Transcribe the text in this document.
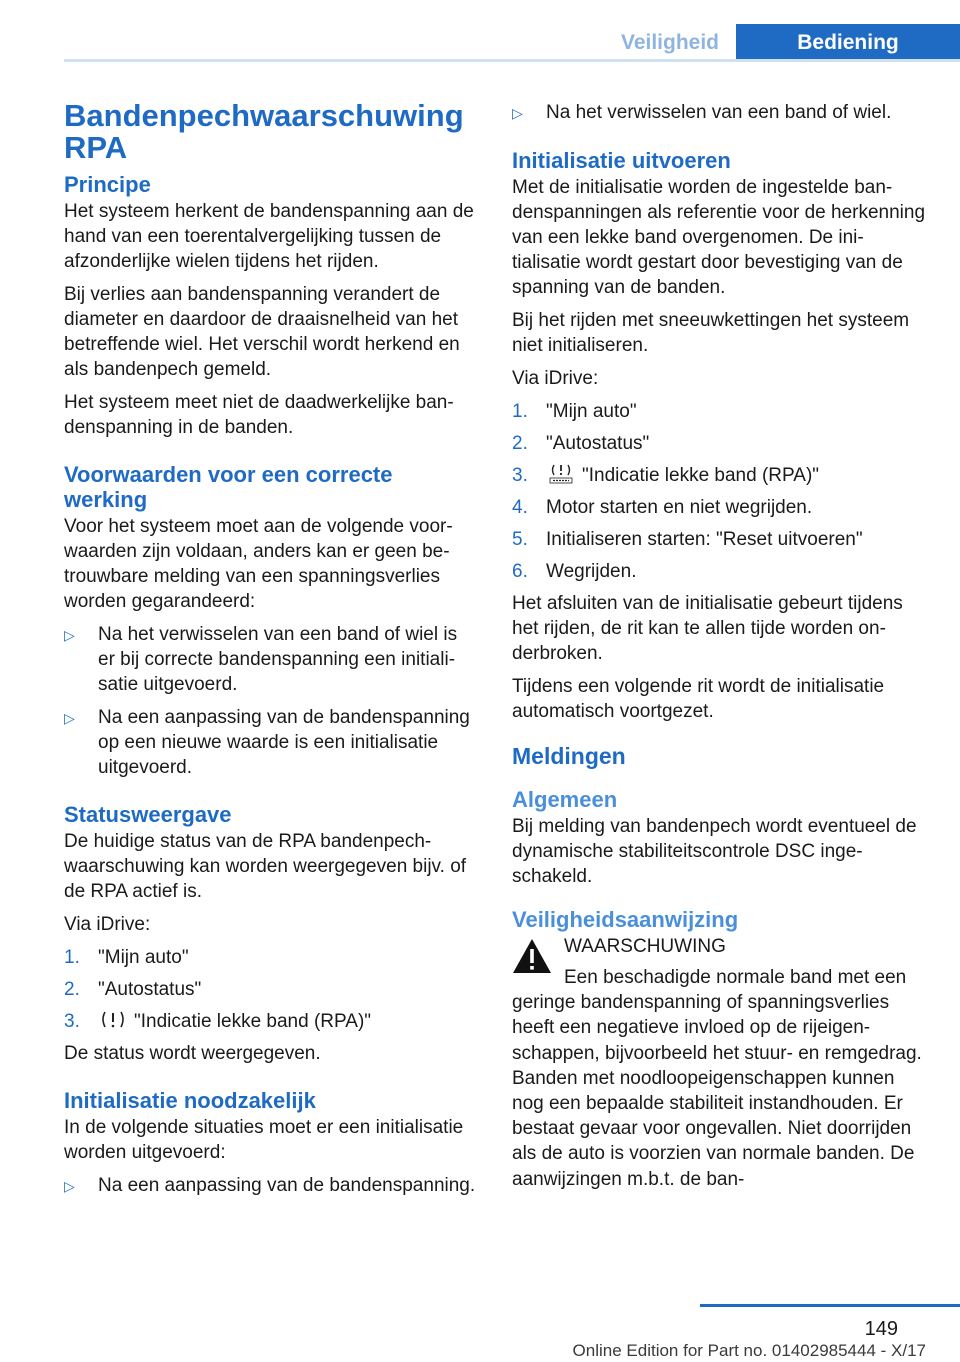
Veiligheid	Bediening
Bandenpechwaarschuwing RPA
Principe

Het systeem herkent de bandenspanning aan de hand van een toerentalvergelijking tussen de afzonderlijke wielen tijdens het rijden.

Bij verlies aan bandenspanning verandert de diameter en daardoor de draaisnelheid van het betreffende wiel. Het verschil wordt herkend en als bandenpech gemeld.

Het systeem meet niet de daadwerkelijke bandenspanning in de banden.

Voorwaarden voor een correcte werking

Voor het systeem moet aan de volgende voorwaarden zijn voldaan, anders kan er geen betrouwbare melding van een spanningsverlies worden gegarandeerd:

▷	Na het verwisselen van een band of wiel is er bij correcte bandenspanning een initialisatie uitgevoerd.
▷	Na een aanpassing van de bandenspanning op een nieuwe waarde is een initialisatie uitgevoerd.
Statusweergave

De huidige status van de RPA bandenpechwaarschuwing kan worden weergegeven bijv. of de RPA actief is.

Via iDrive:

1. "Mijn auto"
2. "Autostatus"
3.	"Indicatie lekke band (RPA)"

De status wordt weergegeven.

Initialisatie noodzakelijk

In de volgende situaties moet er een initialisatie worden uitgevoerd:

▷	Na een aanpassing van de bandenspanning.
▷	Na het verwisselen van een band of wiel.
Initialisatie uitvoeren

Met de initialisatie worden de ingestelde bandenspanningen als referentie voor de herkenning van een lekke band overgenomen. De initialisatie wordt gestart door bevestiging van de spanning van de banden.

Bij het rijden met sneeuwkettingen het systeem niet initialiseren.

Via iDrive:

1. "Mijn auto"
2. "Autostatus"
3.	"Indicatie lekke band (RPA)"
4. Motor starten en niet wegrijden.
5. Initialiseren starten: "Reset uitvoeren"
6. Wegrijden.

Het afsluiten van de initialisatie gebeurt tijdens het rijden, de rit kan te allen tijde worden onderbroken.

Tijdens een volgende rit wordt de initialisatie automatisch voortgezet.

Meldingen
Algemeen

Bij melding van bandenpech wordt eventueel de dynamische stabiliteitscontrole DSC ingeschakeld.

Veiligheidsaanwijzing
WAARSCHUWING

Een beschadigde normale band met een geringe bandenspanning of spanningsverlies heeft een negatieve invloed op de rijeigenschappen, bijvoorbeeld het stuur- en remgedrag. Banden met noodloopeigenschappen kunnen nog een bepaalde stabiliteit instandhouden. Er bestaat gevaar voor ongevallen. Niet doorrijden als de auto is voorzien van normale banden. De aanwijzingen m.b.t. de ban-

149
Online Edition for Part no. 01402985444 - X/17
